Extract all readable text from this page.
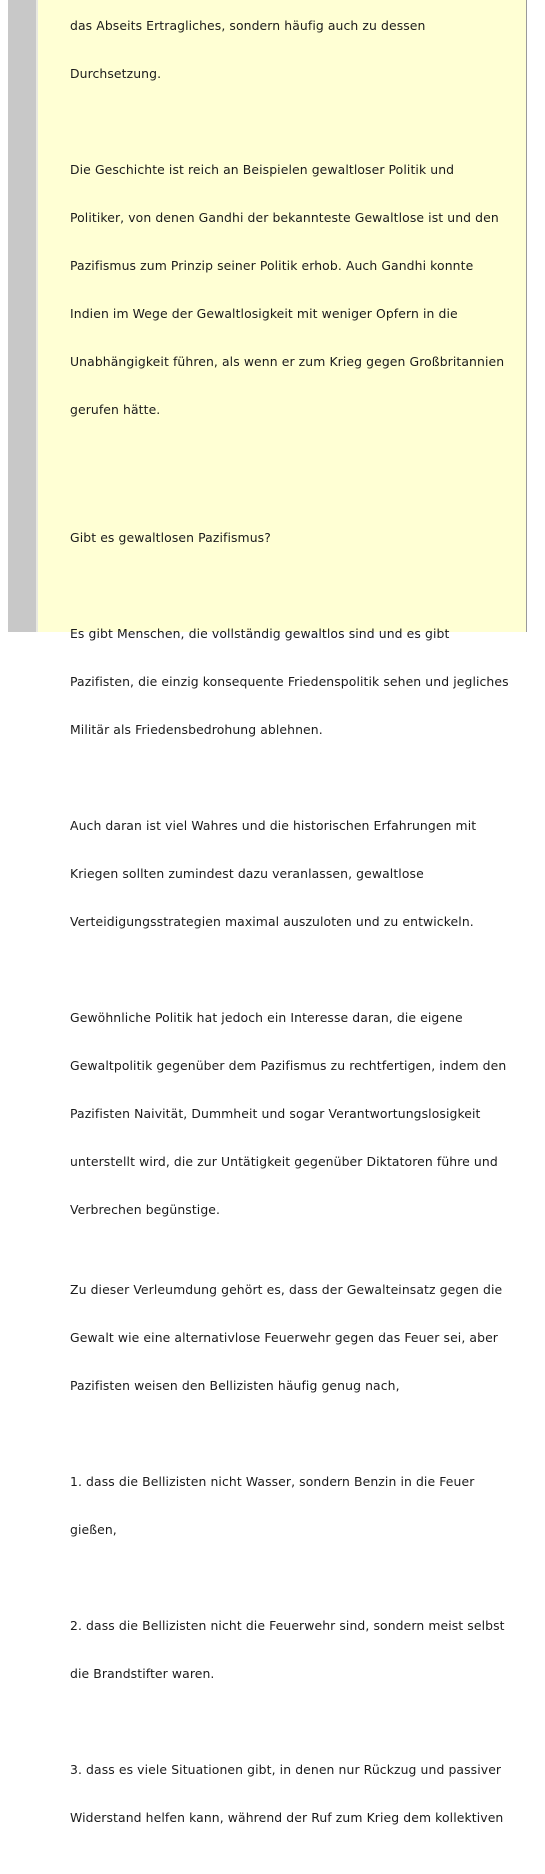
das Abseits Ertragliches, sondern häufig auch zu dessen

Durchsetzung.

Die Geschichte ist reich an Beispielen gewaltloser Politik und

Politiker, von denen Gandhi der bekannteste Gewaltlose ist und den

Pazifismus zum Prinzip seiner Politik erhob. Auch Gandhi konnte

Indien im Wege der Gewaltlosigkeit mit weniger Opfern in die

Unabhängigkeit führen, als wenn er zum Krieg gegen Großbritannien

gerufen hätte.

Gibt es gewaltlosen Pazifismus?

Es gibt Menschen, die vollständig gewaltlos sind und es gibt

Pazifisten, die einzig konsequente Friedenspolitik sehen und jegliches

Militär als Friedensbedrohung ablehnen.

Auch daran ist viel Wahres und die historischen Erfahrungen mit

Kriegen sollten zumindest dazu veranlassen, gewaltlose

Verteidigungsstrategien maximal auszuloten und zu entwickeln.

Gewöhnliche Politik hat jedoch ein Interesse daran, die eigene

Gewaltpolitik gegenüber dem Pazifismus zu rechtfertigen, indem den

Pazifisten Naivität, Dummheit und sogar Verantwortungslosigkeit

unterstellt wird, die zur Untätigkeit gegenüber Diktatoren führe und

Verbrechen begünstige.

Zu dieser Verleumdung gehört es, dass der Gewalteinsatz gegen die

Gewalt wie eine alternativlose Feuerwehr gegen das Feuer sei, aber

Pazifisten weisen den Bellizisten häufig genug nach,

1. dass die Bellizisten nicht Wasser, sondern Benzin in die Feuer

gießen,

2. dass die Bellizisten nicht die Feuerwehr sind, sondern meist selbst

die Brandstifter waren.

3. dass es viele Situationen gibt, in denen nur Rückzug und passiver

Widerstand helfen kann, während der Ruf zum Krieg dem kollektiven
